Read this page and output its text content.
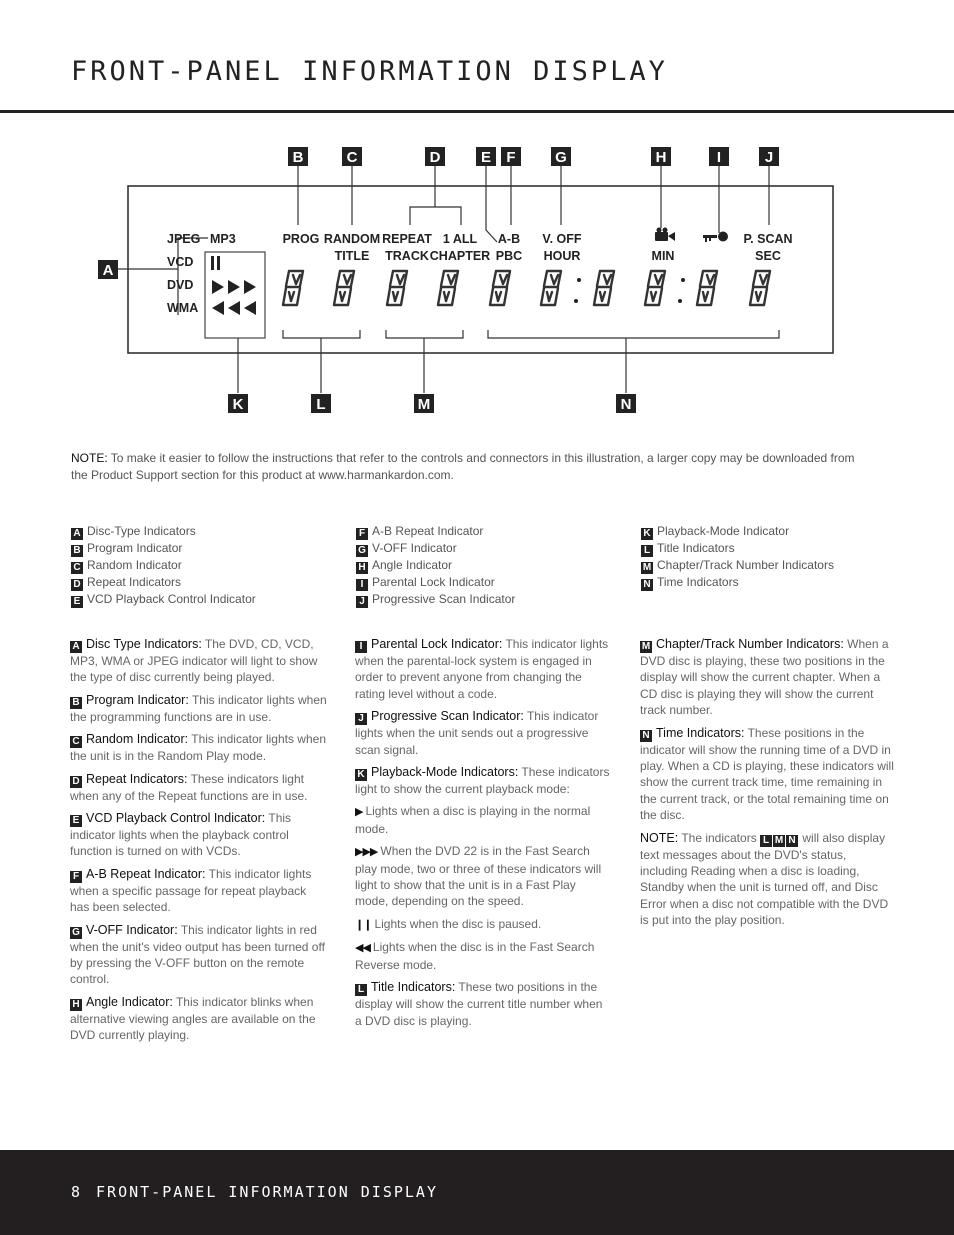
FRONT-PANEL INFORMATION DISPLAY
B	C	D	E F	G	H	I	J
A
JPEG MP3
VCD
DVD
WMA
PROG RANDOM
TITLE
REPEAT
TRACK
1 ALL
CHAPTER
A-B
PBC
V. OFF
HOUR	MIN
P. SCAN
SEC
K	L	M	N

NOTE: To make it easier to follow the instructions that refer to the controls and connectors in this illustration, a larger copy may be downloaded from the Product Support section for this product at www.harmankardon.com.

A Disc-Type Indicators
B Program Indicator
C Random Indicator
D Repeat Indicators
E VCD Playback Control Indicator
F A-B Repeat Indicator
G V-OFF Indicator
H Angle Indicator
I Parental Lock Indicator
J Progressive Scan Indicator
K Playback-Mode Indicator
L Title Indicators
M Chapter/Track Number Indicators
N Time Indicators

A Disc Type Indicators: The DVD, CD, VCD, MP3, WMA or JPEG indicator will light to show the type of disc currently being played.

B Program Indicator: This indicator lights when the programming functions are in use.

C Random Indicator: This indicator lights when the unit is in the Random Play mode.

D Repeat Indicators: These indicators light when any of the Repeat functions are in use.

E VCD Playback Control Indicator: This indicator lights when the playback control function is turned on with VCDs.

F A-B Repeat Indicator: This indicator lights when a specific passage for repeat playback has been selected.

G V-OFF Indicator: This indicator lights in red when the unit's video output has been turned off by pressing the V-OFF button on the remote control.

H Angle Indicator: This indicator blinks when alternative viewing angles are available on the DVD currently playing.

I Parental Lock Indicator: This indicator lights when the parental-lock system is engaged in order to prevent anyone from changing the rating level without a code.

J Progressive Scan Indicator: This indicator lights when the unit sends out a progressive scan signal.

K Playback-Mode Indicators: These indicators light to show the current playback mode:

▶ Lights when a disc is playing in the normal mode.

▶▶▶ When the DVD 22 is in the Fast Search play mode, two or three of these indicators will light to show that the unit is in a Fast Play mode, depending on the speed.

❙❙ Lights when the disc is paused.

◀◀ Lights when the disc is in the Fast Search Reverse mode.

L Title Indicators: These two positions in the display will show the current title number when a DVD disc is playing.

M Chapter/Track Number Indicators: When a DVD disc is playing, these two positions in the display will show the current chapter. When a CD disc is playing they will show the current track number.

N Time Indicators: These positions in the indicator will show the running time of a DVD in play. When a CD is playing, these indicators will show the current track time, time remaining in the current track, or the total remaining time on the disc.

NOTE: The indicators L M N will also display text messages about the DVD's status, including Reading when a disc is loading, Standby when the unit is turned off, and Disc Error when a disc not compatible with the DVD is put into the play position.

8 FRONT-PANEL INFORMATION DISPLAY
